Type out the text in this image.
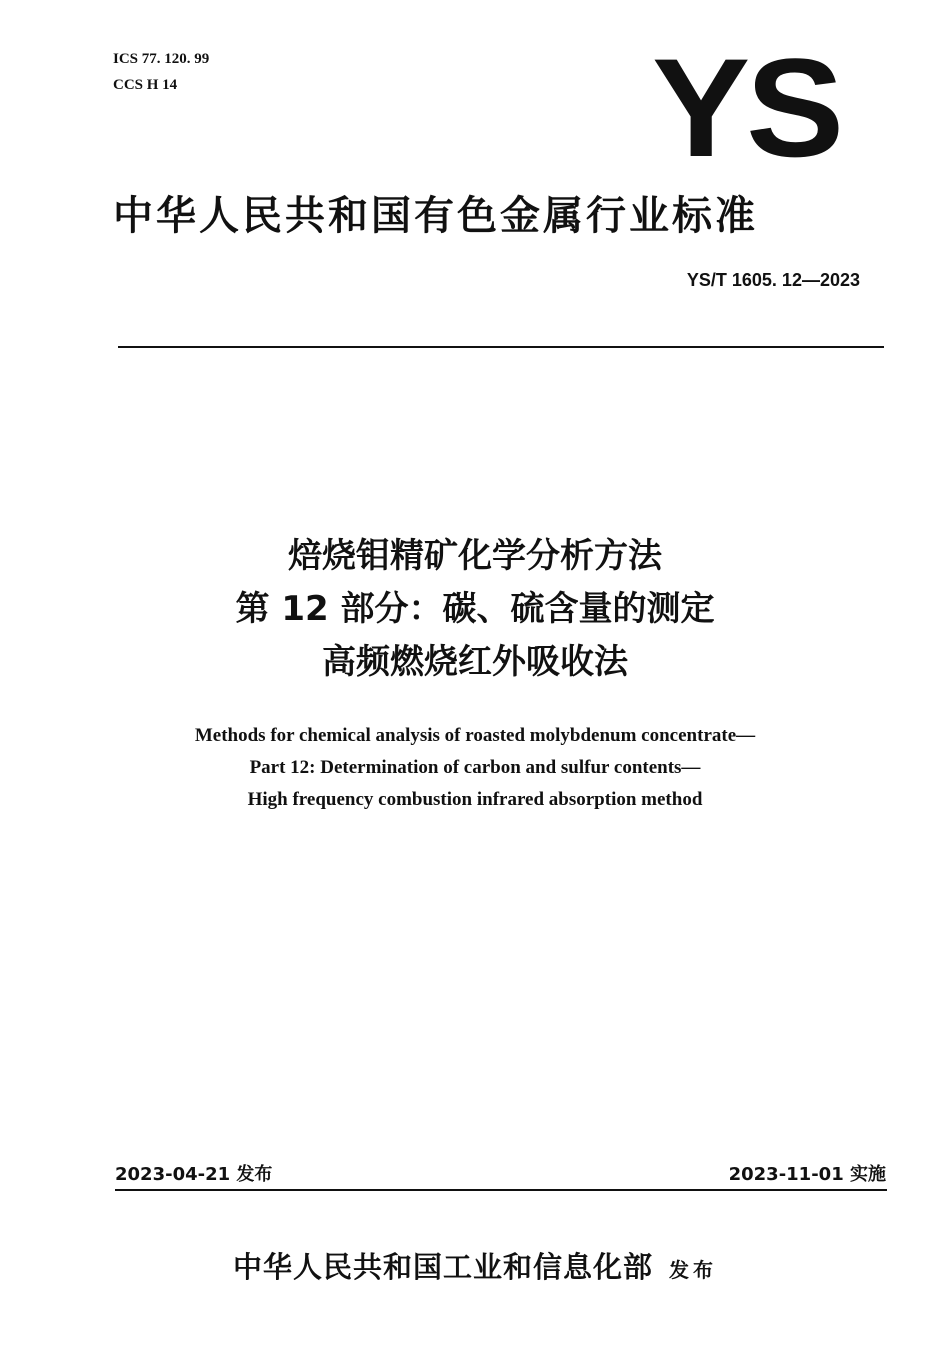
ICS 77. 120. 99
CCS H 14	YS
中华人民共和国有色金属行业标准
YS/T 1605. 12—2023
焙烧钼精矿化学分析方法
第 12 部分：碳、硫含量的测定
高频燃烧红外吸收法
Methods for chemical analysis of roasted molybdenum concentrate—
Part 12: Determination of carbon and sulfur contents—
High frequency combustion infrared absorption method
2023-04-21 发布	2023-11-01 实施
中华人民共和国工业和信息化部 发布
